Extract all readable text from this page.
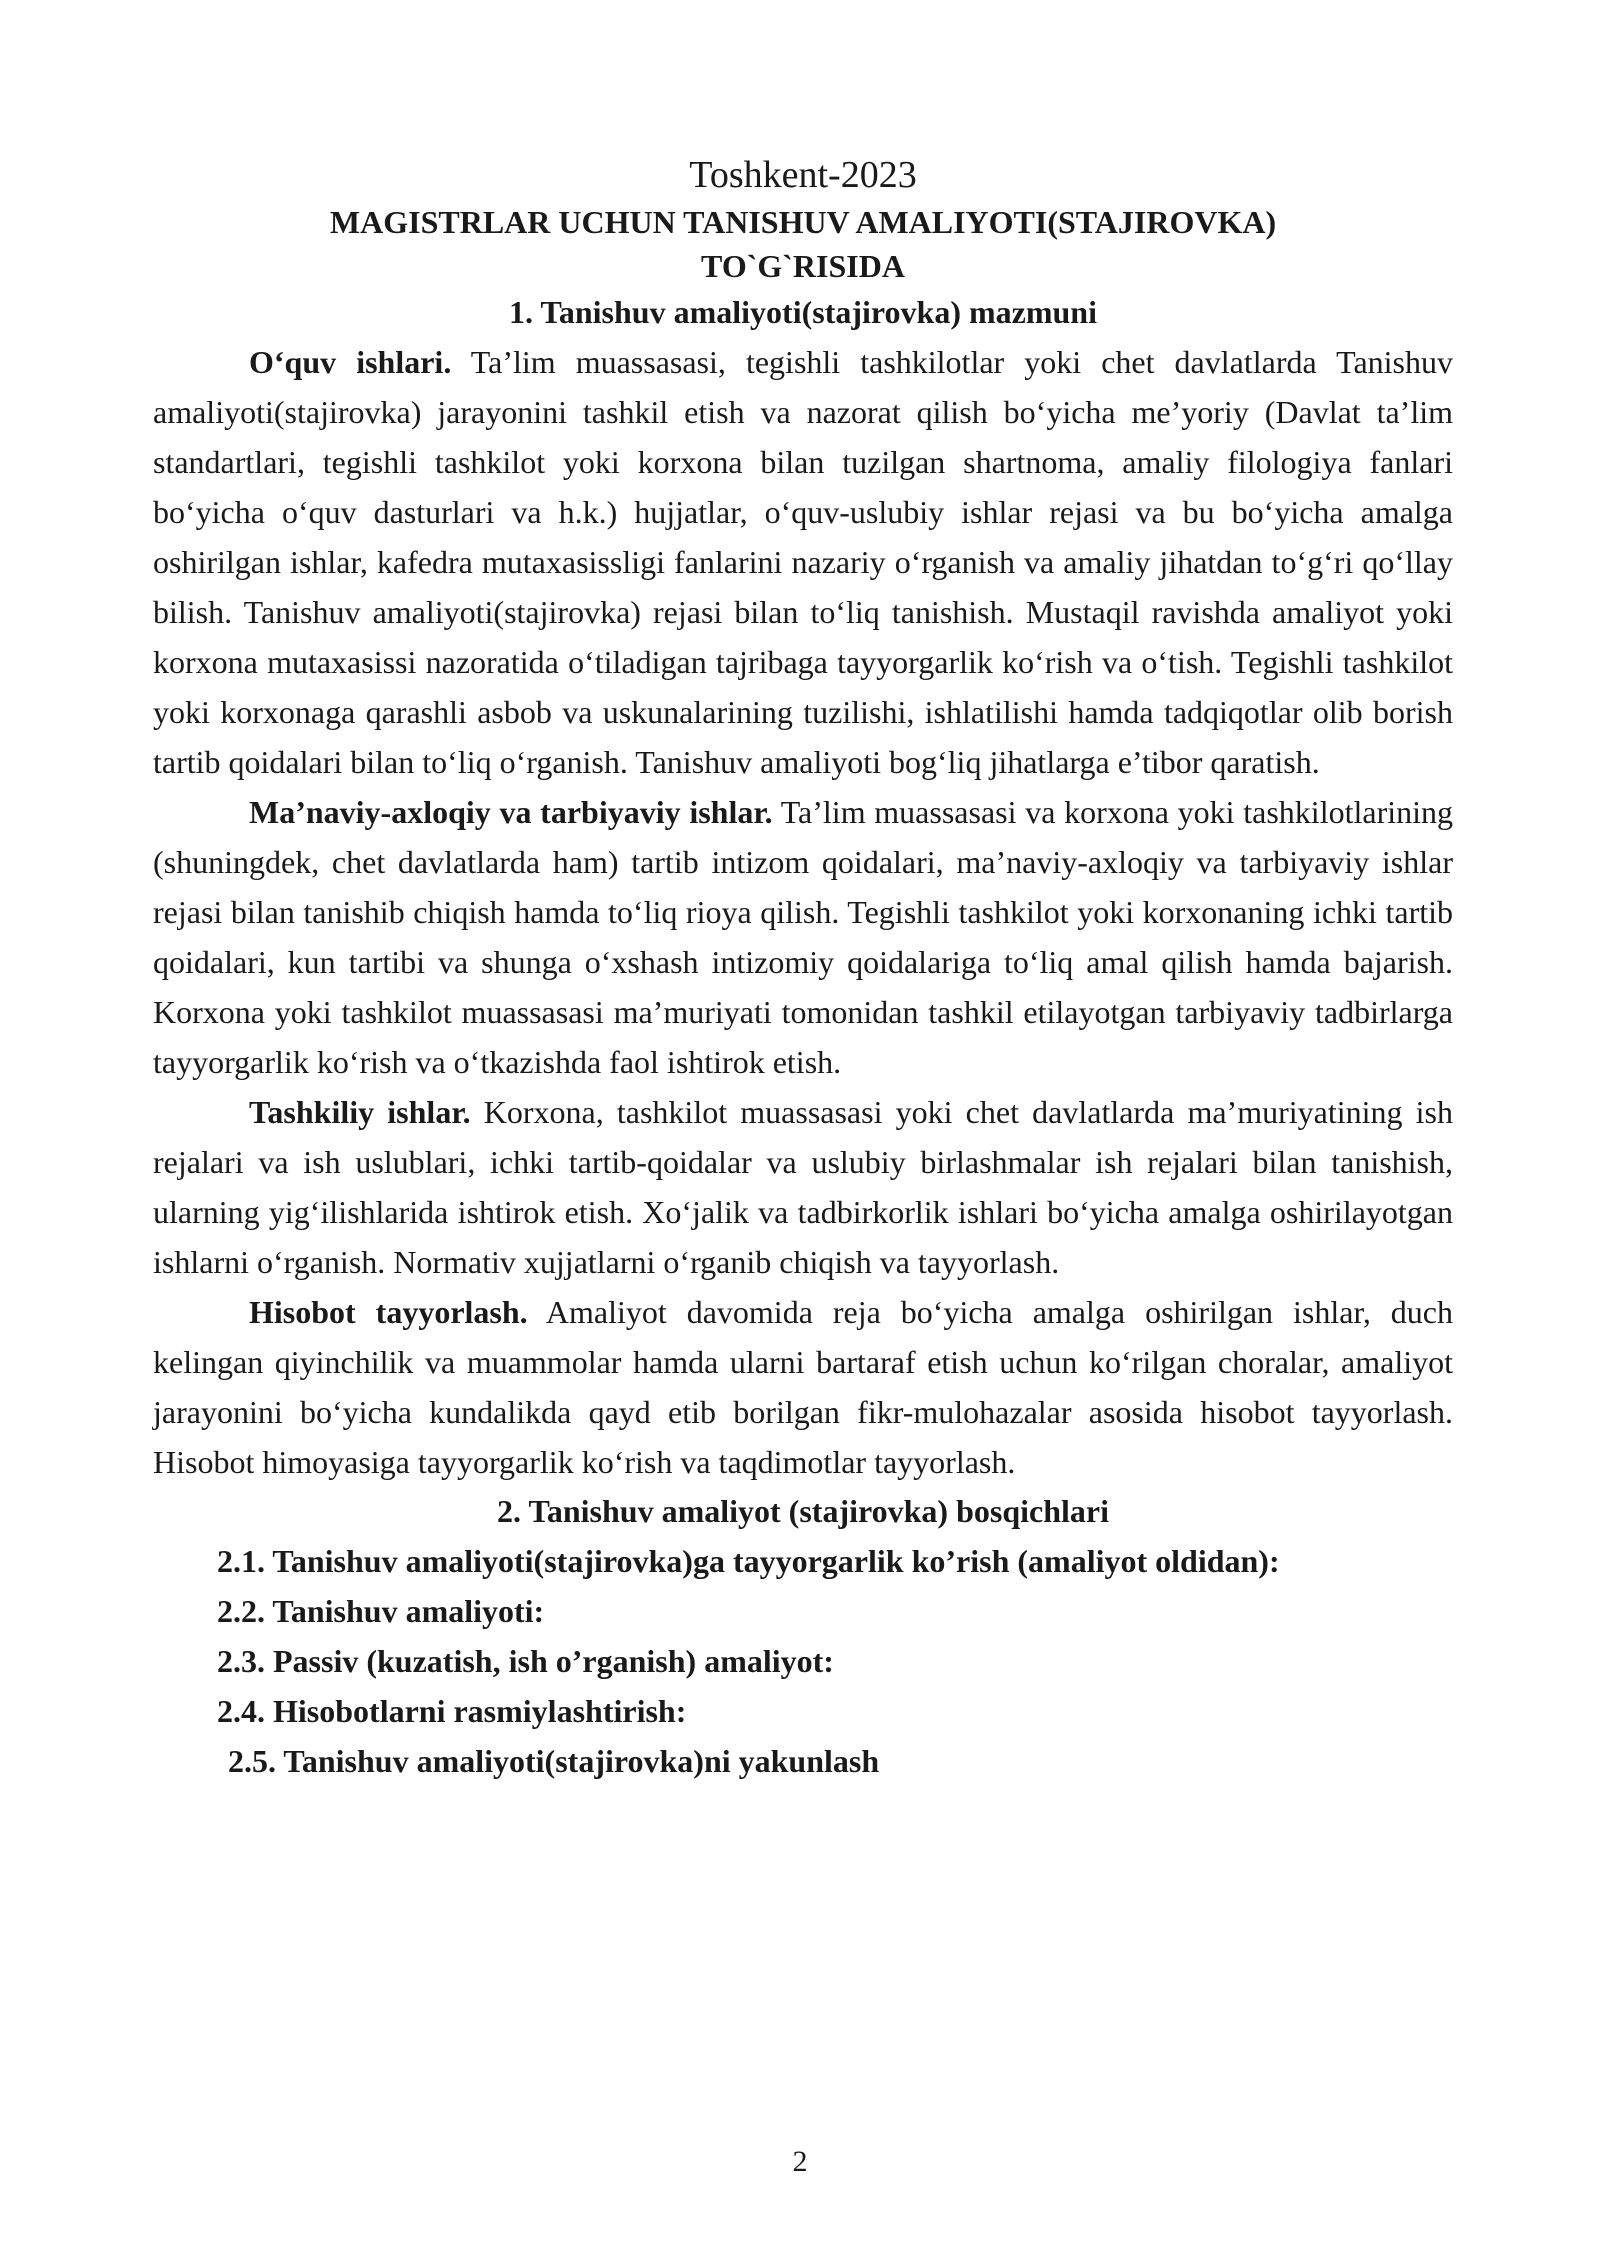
Toshkent-2023

MAGISTRLAR UCHUN TANISHUV AMALIYOTI(STAJIROVKA)

TO`G`RISIDA

1. Tanishuv amaliyoti(stajirovka) mazmuni

O‘quv ishlari. Ta’lim muassasasi, tegishli tashkilotlar yoki chet davlatlarda Tanishuv amaliyoti(stajirovka) jarayonini tashkil etish va nazorat qilish bo‘yicha me’yoriy (Davlat ta’lim standartlari, tegishli tashkilot yoki korxona bilan tuzilgan shartnoma, amaliy filologiya fanlari bo‘yicha o‘quv dasturlari va h.k.) hujjatlar, o‘quv-uslubiy ishlar rejasi va bu bo‘yicha amalga oshirilgan ishlar, kafedra mutaxasissligi fanlarini nazariy o‘rganish va amaliy jihatdan to‘g‘ri qo‘llay bilish. Tanishuv amaliyoti(stajirovka) rejasi bilan to‘liq tanishish. Mustaqil ravishda amaliyot yoki korxona mutaxasissi nazoratida o‘tiladigan tajribaga tayyorgarlik ko‘rish va o‘tish. Tegishli tashkilot yoki korxonaga qarashli asbob va uskunalarining tuzilishi, ishlatilishi hamda tadqiqotlar olib borish tartib qoidalari bilan to‘liq o‘rganish. Tanishuv amaliyoti bog‘liq jihatlarga e’tibor qaratish.

Ma’naviy-axloqiy va tarbiyaviy ishlar. Ta’lim muassasasi va korxona yoki tashkilotlarining (shuningdek, chet davlatlarda ham) tartib intizom qoidalari, ma’naviy-axloqiy va tarbiyaviy ishlar rejasi bilan tanishib chiqish hamda to‘liq rioya qilish. Tegishli tashkilot yoki korxonaning ichki tartib qoidalari, kun tartibi va shunga o‘xshash intizomiy qoidalariga to‘liq amal qilish hamda bajarish. Korxona yoki tashkilot muassasasi ma’muriyati tomonidan tashkil etilayotgan tarbiyaviy tadbirlarga tayyorgarlik ko‘rish va o‘tkazishda faol ishtirok etish.

Tashkiliy ishlar. Korxona, tashkilot muassasasi yoki chet davlatlarda ma’muriyatining ish rejalari va ish uslublari, ichki tartib-qoidalar va uslubiy birlashmalar ish rejalari bilan tanishish, ularning yig‘ilishlarida ishtirok etish. Xo‘jalik va tadbirkorlik ishlari bo‘yicha amalga oshirilayotgan ishlarni o‘rganish. Normativ xujjatlarni o‘rganib chiqish va tayyorlash.

Hisobot tayyorlash. Amaliyot davomida reja bo‘yicha amalga oshirilgan ishlar, duch kelingan qiyinchilik va muammolar hamda ularni bartaraf etish uchun ko‘rilgan choralar, amaliyot jarayonini bo‘yicha kundalikda qayd etib borilgan fikr-mulohazalar asosida hisobot tayyorlash. Hisobot himoyasiga tayyorgarlik ko‘rish va taqdimotlar tayyorlash.

2. Tanishuv amaliyot (stajirovka) bosqichlari

2.1. Tanishuv amaliyoti(stajirovka)ga tayyorgarlik ko’rish (amaliyot oldidan):
2.2. Tanishuv amaliyoti:
2.3. Passiv (kuzatish, ish o’rganish) amaliyot:
2.4. Hisobotlarni rasmiylashtirish:
2.5. Tanishuv amaliyoti(stajirovka)ni yakunlash
2
